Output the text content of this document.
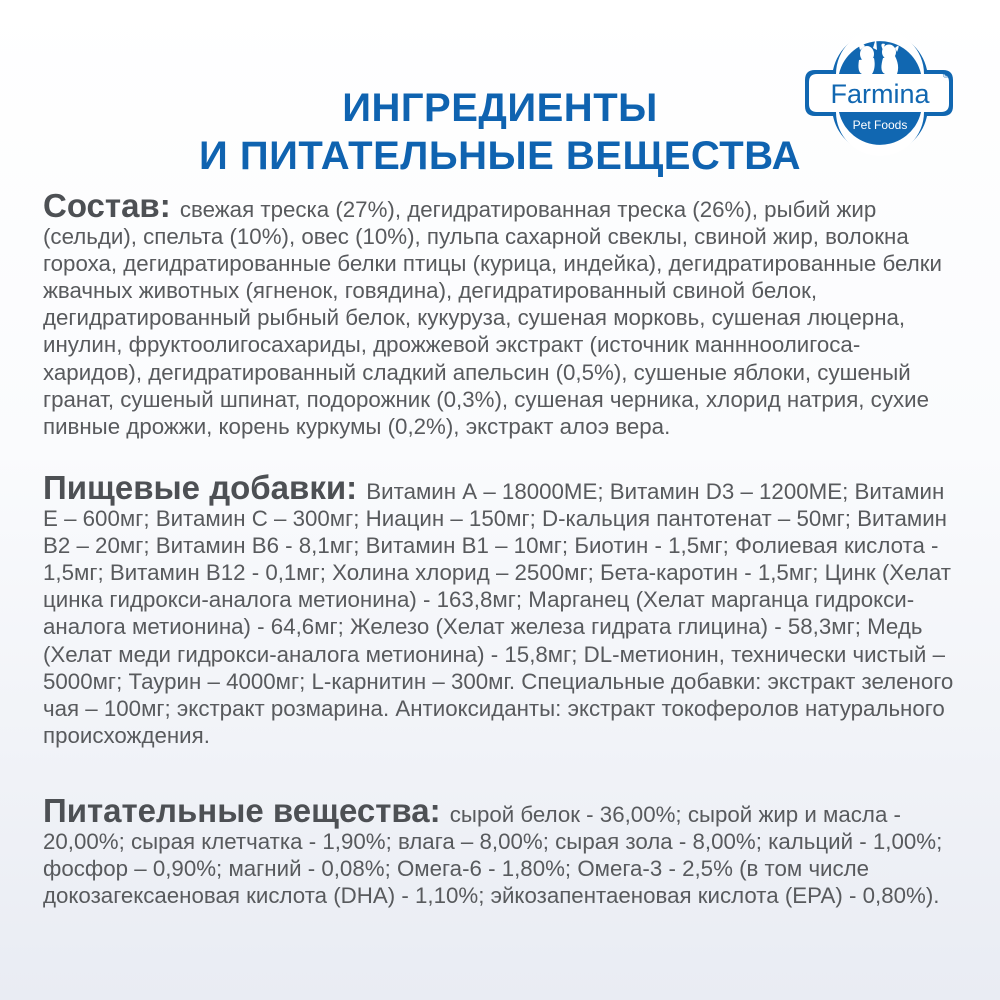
Farmina
®
Pet Foods
ИНГРЕДИЕНТЫ
И ПИТАТЕЛЬНЫЕ ВЕЩЕСТВА
Состав: свежая треска (27%), дегидратированная треска (26%), рыбий жир (сельди), спельта (10%), овес (10%), пульпа сахарной свеклы, свиной жир, волокна гороха, дегидратированные белки птицы (курица, индейка), дегидратированные белки жвачных животных (ягненок, говядина), дегидратированный свиной белок, дегидратированный рыбный белок, кукуруза, сушеная морковь, сушеная люцерна, инулин, фруктоолигосахариды, дрожжевой экстракт (источник маннноолигоса-харидов), дегидратированный сладкий апельсин (0,5%), сушеные яблоки, сушеный гранат, сушеный шпинат, подорожник (0,3%), сушеная черника, хлорид натрия, сухие пивные дрожжи, корень куркумы (0,2%), экстракт алоэ вера.
Пищевые добавки: Витамин А – 18000МЕ; Витамин D3 – 1200МЕ; Витамин Е – 600мг; Витамин С – 300мг; Ниацин – 150мг; D-кальция пантотенат – 50мг; Витамин В2 – 20мг; Витамин В6 - 8,1мг; Витамин В1 – 10мг; Биотин - 1,5мг; Фолиевая кислота - 1,5мг; Витамин В12 - 0,1мг; Холина хлорид – 2500мг; Бета-каротин - 1,5мг; Цинк (Хелат цинка гидрокси-аналога метионина) - 163,8мг; Марганец (Хелат марганца гидрокси-аналога метионина) - 64,6мг; Железо (Хелат железа гидрата глицина) - 58,3мг; Медь (Хелат меди гидрокси-аналога метионина) - 15,8мг; DL-метионин, технически чистый – 5000мг; Таурин – 4000мг; L-карнитин – 300мг. Специальные добавки: экстракт зеленого чая – 100мг; экстракт розмарина. Антиоксиданты: экстракт токоферолов натурального происхождения.
Питательные вещества: сырой белок - 36,00%; сырой жир и масла - 20,00%; сырая клетчатка - 1,90%; влага – 8,00%; сырая зола - 8,00%; кальций - 1,00%; фосфор – 0,90%; магний - 0,08%; Омега-6 - 1,80%; Омега-3 - 2,5% (в том числе докозагексаеновая кислота (DHA) - 1,10%; эйкозапентаеновая кислота (ЕРА) - 0,80%).
